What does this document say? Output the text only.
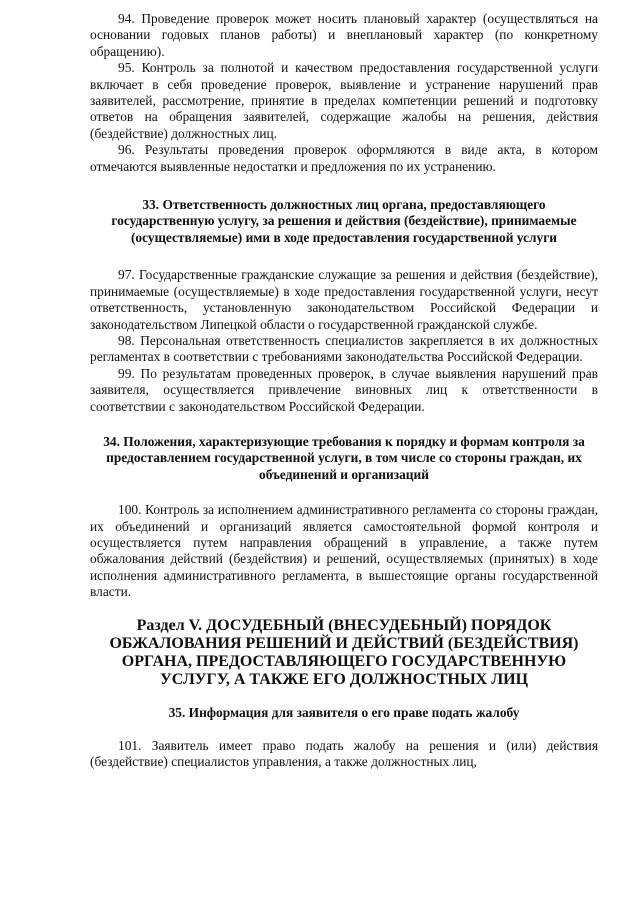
94. Проведение проверок может носить плановый характер (осуществляться на основании годовых планов работы) и внеплановый характер (по конкретному обращению).

95. Контроль за полнотой и качеством предоставления государственной услуги включает в себя проведение проверок, выявление и устранение нарушений прав заявителей, рассмотрение, принятие в пределах компетенции решений и подготовку ответов на обращения заявителей, содержащие жалобы на решения, действия (бездействие) должностных лиц.

96. Результаты проведения проверок оформляются в виде акта, в котором отмечаются выявленные недостатки и предложения по их устранению.

33. Ответственность должностных лиц органа, предоставляющего государственную услугу, за решения и действия (бездействие), принимаемые (осуществляемые) ими в ходе предоставления государственной услуги

97. Государственные гражданские служащие за решения и действия (бездействие), принимаемые (осуществляемые) в ходе предоставления государственной услуги, несут ответственность, установленную законодательством Российской Федерации и законодательством Липецкой области о государственной гражданской службе.

98. Персональная ответственность специалистов закрепляется в их должностных регламентах в соответствии с требованиями законодательства Российской Федерации.

99. По результатам проведенных проверок, в случае выявления нарушений прав заявителя, осуществляется привлечение виновных лиц к ответственности в соответствии с законодательством Российской Федерации.

34. Положения, характеризующие требования к порядку и формам контроля за предоставлением государственной услуги, в том числе со стороны граждан, их объединений и организаций

100. Контроль за исполнением административного регламента со стороны граждан, их объединений и организаций является самостоятельной формой контроля и осуществляется путем направления обращений в управление, а также путем обжалования действий (бездействия) и решений, осуществляемых (принятых) в ходе исполнения административного регламента, в вышестоящие органы государственной власти.

Раздел V. ДОСУДЕБНЫЙ (ВНЕСУДЕБНЫЙ) ПОРЯДОК ОБЖАЛОВАНИЯ РЕШЕНИЙ И ДЕЙСТВИЙ (БЕЗДЕЙСТВИЯ) ОРГАНА, ПРЕДОСТАВЛЯЮЩЕГО ГОСУДАРСТВЕННУЮ УСЛУГУ, А ТАКЖЕ ЕГО ДОЛЖНОСТНЫХ ЛИЦ
35. Информация для заявителя о его праве подать жалобу

101. Заявитель имеет право подать жалобу на решения и (или) действия (бездействие) специалистов управления, а также должностных лиц,
